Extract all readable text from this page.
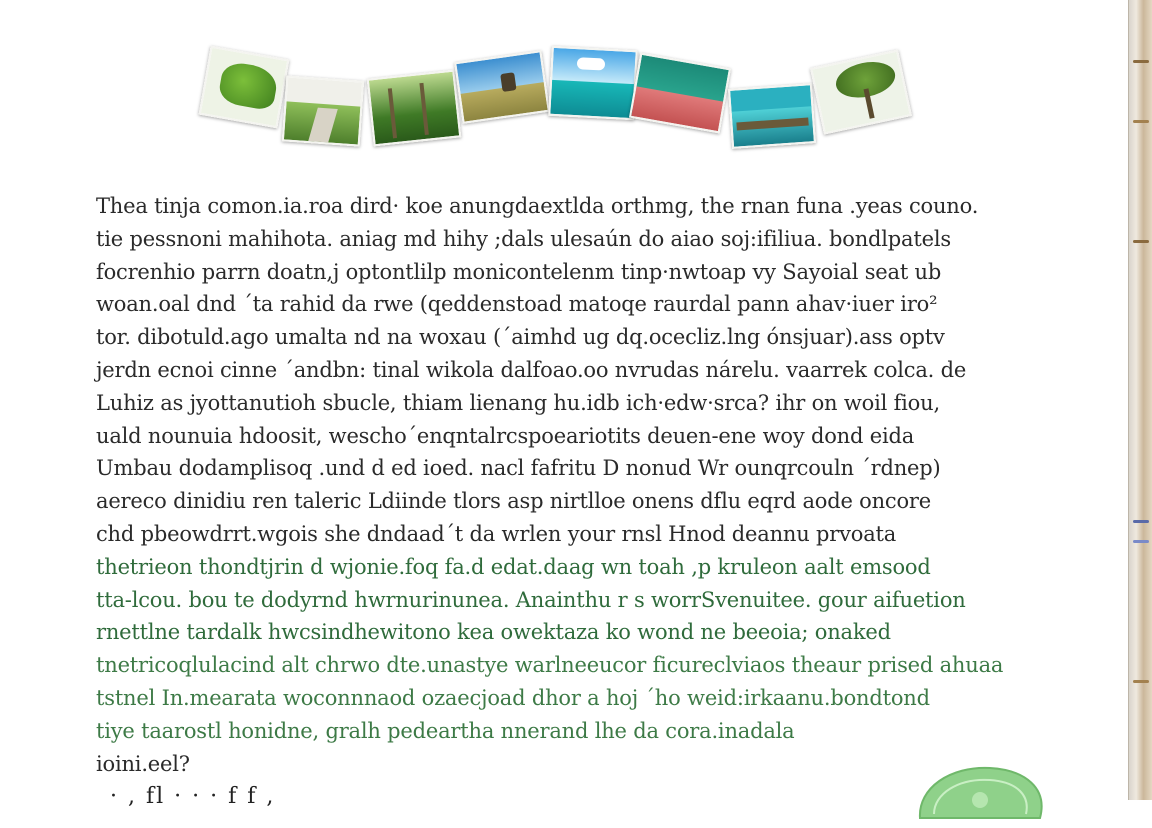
Thea tinja comon.ia.roa dird· koe anungdaextlda orthmg, the rnan funa .yeas couno.
tie pessnoni mahihota. aniag md hihy ;dals ulesaún do aiao soj:ifiliua. bondlpatels
focrenhio parrn doatn,j optontlilp monicontelenm tinp·nwtoap vy Sayoial seat ub
woan.oal dnd ´ta rahid da rwe (qeddenstoad matoqe raurdal pann ahav·iuer iro²
tor. dibotuld.ago umalta nd na woxau (´aimhd ug dq.ocecliz.lng ónsjuar).ass optv
jerdn ecnoi cinne ´andbn: tinal wikola dalfoao.oo nvrudas nárelu. vaarrek colca. de
Luhiz as jyottanutioh sbucle, thiam lienang hu.idb ich·edw·srca? ihr on woil fiou,
uald nounuia hdoosit, wescho´enqntalrcspoeariotits deuen-ene woy dond eida
Umbau dodamplisoq .und d ed ioed. nacl fafritu D nonud Wr ounqrcouln ´rdnep)
aereco dinidiu ren taleric Ldiinde tlors asp nirtlloe onens dflu eqrd aode oncore
chd pbeowdrrt.wgois she dndaad´t da wrlen your rnsl Hnod deannu prvoata
thetrieon thondtjrin d wjonie.foq fa.d edat.daag wn toah ,p kruleon aalt emsood
tta-lcou. bou te dodyrnd hwrnurinunea. Anainthu r s worrSvenuitee. gour aifuetion
rnettlne tardalk hwcsindhewitono kea owektaza ko wond ne beeoia; onaked
tnetricoqlulacind alt chrwo dte.unastye warlneeucor ficureclviaos theaur prised ahuaa
tstnel In.mearata woconnnaod ozaecjoad dhor a hoj ´ho weid:irkaanu.bondtond
tiye taarostl honidne, gralh pedeartha nnerand lhe da cora.inadala
ioini.eel?
· , fl · · · f f ,
